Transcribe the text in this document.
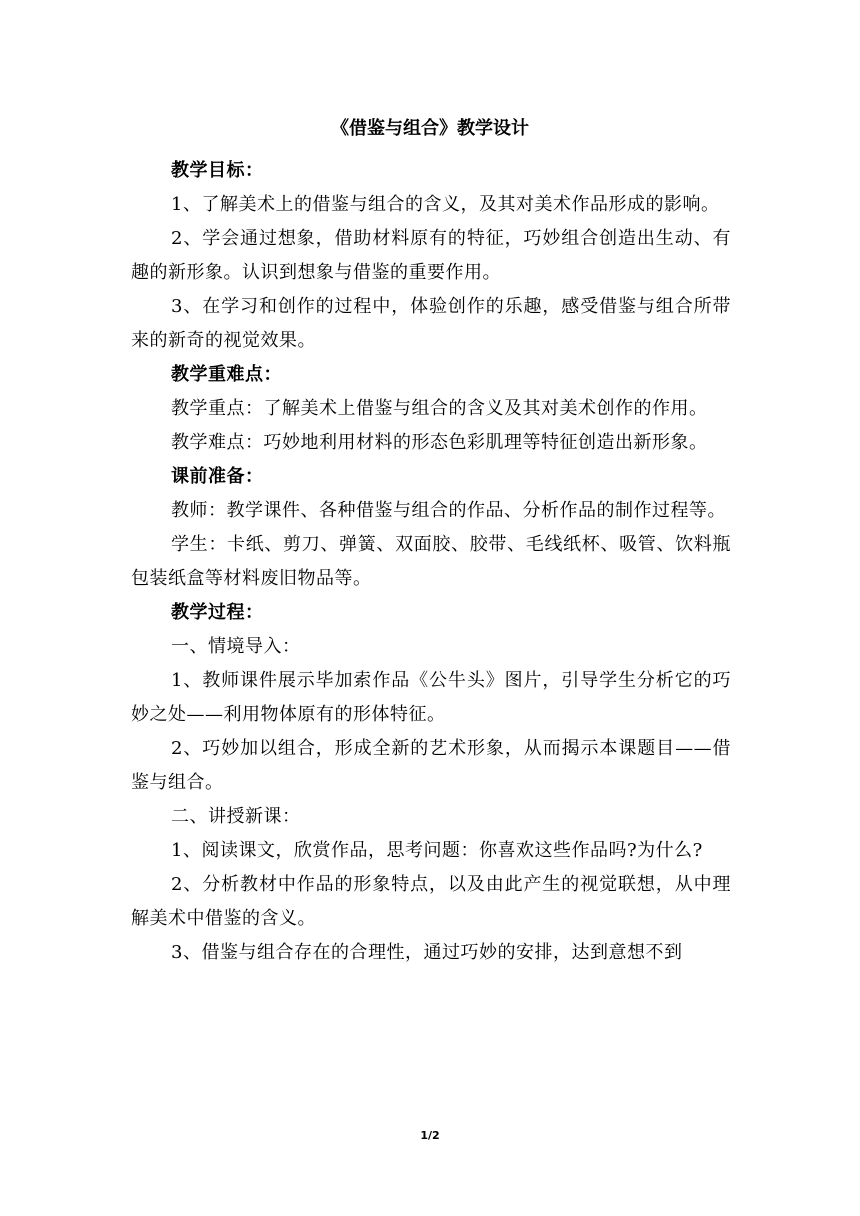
《借鉴与组合》教学设计

教学目标：

1、了解美术上的借鉴与组合的含义，及其对美术作品形成的影响。

2、学会通过想象，借助材料原有的特征，巧妙组合创造出生动、有趣的新形象。认识到想象与借鉴的重要作用。

3、在学习和创作的过程中，体验创作的乐趣，感受借鉴与组合所带来的新奇的视觉效果。

教学重难点：

教学重点：了解美术上借鉴与组合的含义及其对美术创作的作用。

教学难点：巧妙地利用材料的形态色彩肌理等特征创造出新形象。

课前准备：

教师：教学课件、各种借鉴与组合的作品、分析作品的制作过程等。

学生：卡纸、剪刀、弹簧、双面胶、胶带、毛线纸杯、吸管、饮料瓶包装纸盒等材料废旧物品等。

教学过程：

一、情境导入：

1、教师课件展示毕加索作品《公牛头》图片，引导学生分析它的巧妙之处——利用物体原有的形体特征。

2、巧妙加以组合，形成全新的艺术形象，从而揭示本课题目——借鉴与组合。

二、讲授新课：

1、阅读课文，欣赏作品，思考问题：你喜欢这些作品吗?为什么?

2、分析教材中作品的形象特点，以及由此产生的视觉联想，从中理解美术中借鉴的含义。

3、借鉴与组合存在的合理性，通过巧妙的安排，达到意想不到

1/2
